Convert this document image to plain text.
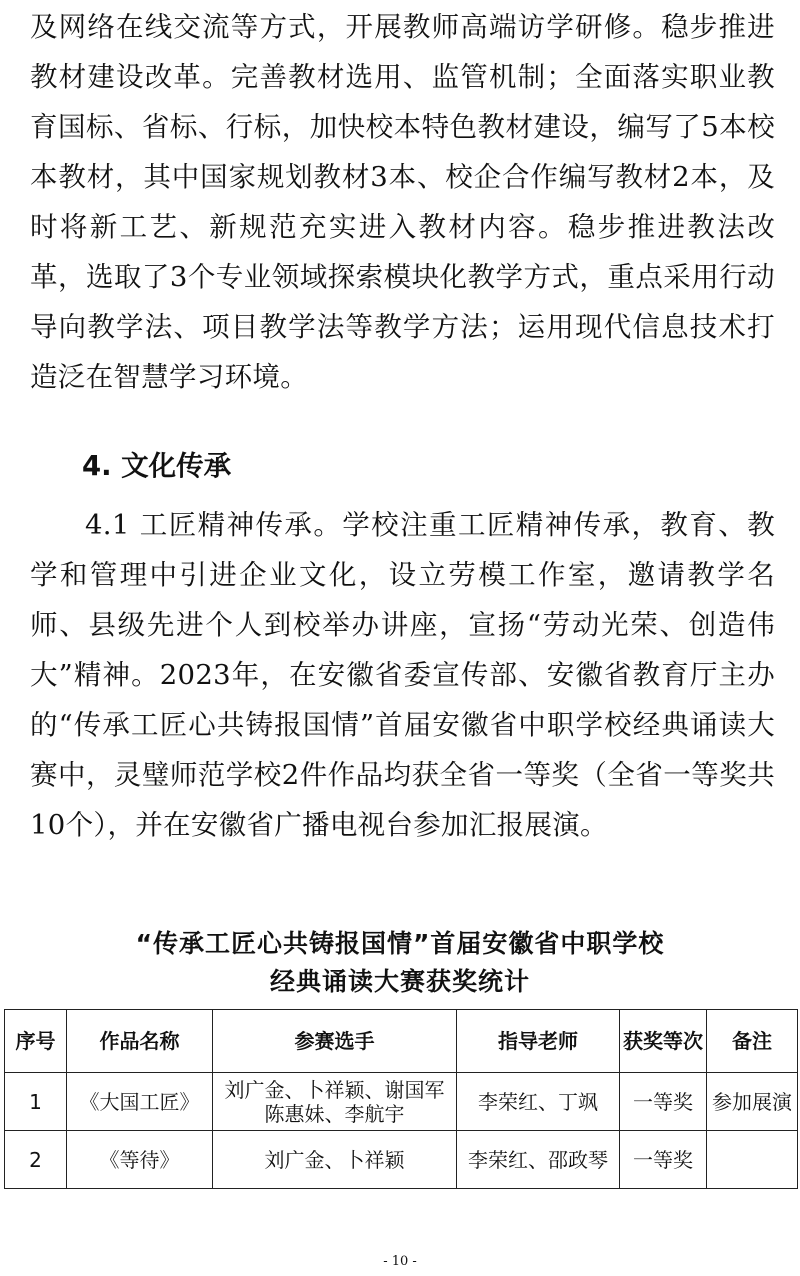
及网络在线交流等方式，开展教师高端访学研修。稳步推进教材建设改革。完善教材选用、监管机制；全面落实职业教育国标、省标、行标，加快校本特色教材建设，编写了5本校本教材，其中国家规划教材3本、校企合作编写教材2本，及时将新工艺、新规范充实进入教材内容。稳步推进教法改革，选取了3个专业领域探索模块化教学方式，重点采用行动导向教学法、项目教学法等教学方法；运用现代信息技术打造泛在智慧学习环境。

4. 文化传承

4.1 工匠精神传承。学校注重工匠精神传承，教育、教学和管理中引进企业文化，设立劳模工作室，邀请教学名师、县级先进个人到校举办讲座，宣扬“劳动光荣、创造伟大”精神。2023年，在安徽省委宣传部、安徽省教育厅主办的“传承工匠心共铸报国情”首届安徽省中职学校经典诵读大赛中，灵璧师范学校2件作品均获全省一等奖（全省一等奖共10个），并在安徽省广播电视台参加汇报展演。

“传承工匠心共铸报国情”首届安徽省中职学校
经典诵读大赛获奖统计
序号	作品名称	参赛选手	指导老师	获奖等次	备注
1	《大国工匠》	刘广金、卜祥颖、谢国军
陈惠妹、李航宇	李荣红、丁飒	一等奖	参加展演
2	《等待》	刘广金、卜祥颖	李荣红、邵政琴	一等奖	
- 10 -
